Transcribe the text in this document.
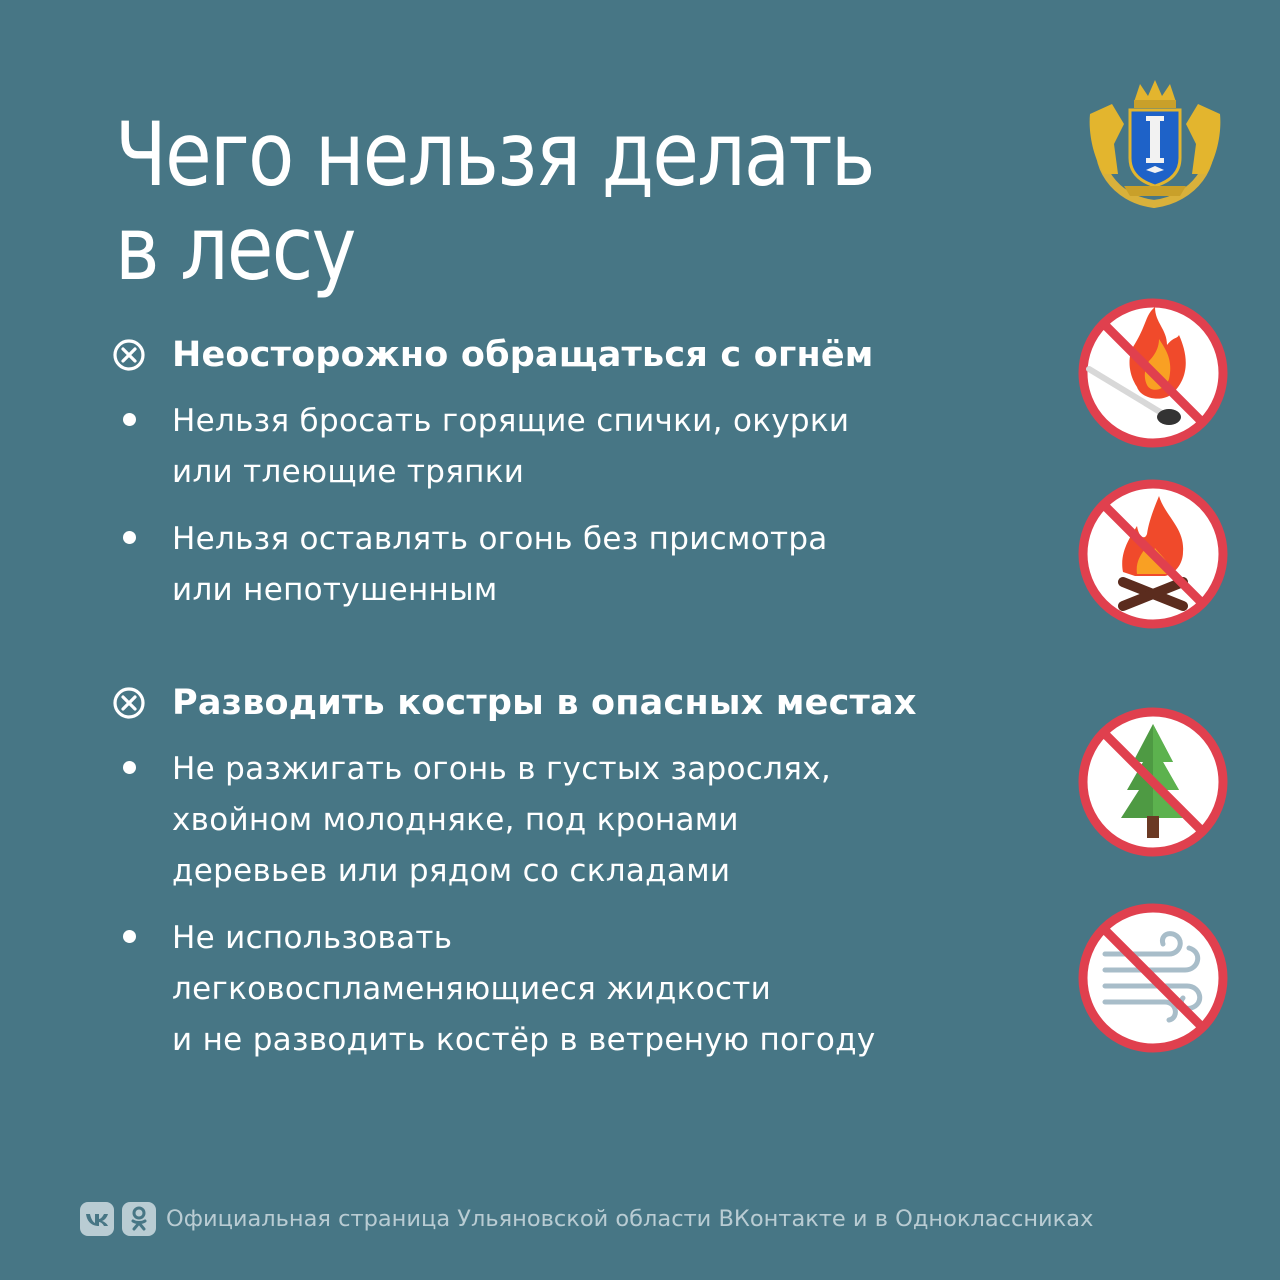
Чего нельзя делать
в лесу
Неосторожно обращаться с огнём
Нельзя бросать горящие спички, окурки
или тлеющие тряпки
Нельзя оставлять огонь без присмотра
или непотушенным
Разводить костры в опасных местах
Не разжигать огонь в густых зарослях,
хвойном молодняке, под кронами
деревьев или рядом со складами
Не использовать
легковоспламеняющиеся жидкости
и не разводить костёр в ветреную погоду
Официальная страница Ульяновской области ВКонтакте и в Одноклассниках
